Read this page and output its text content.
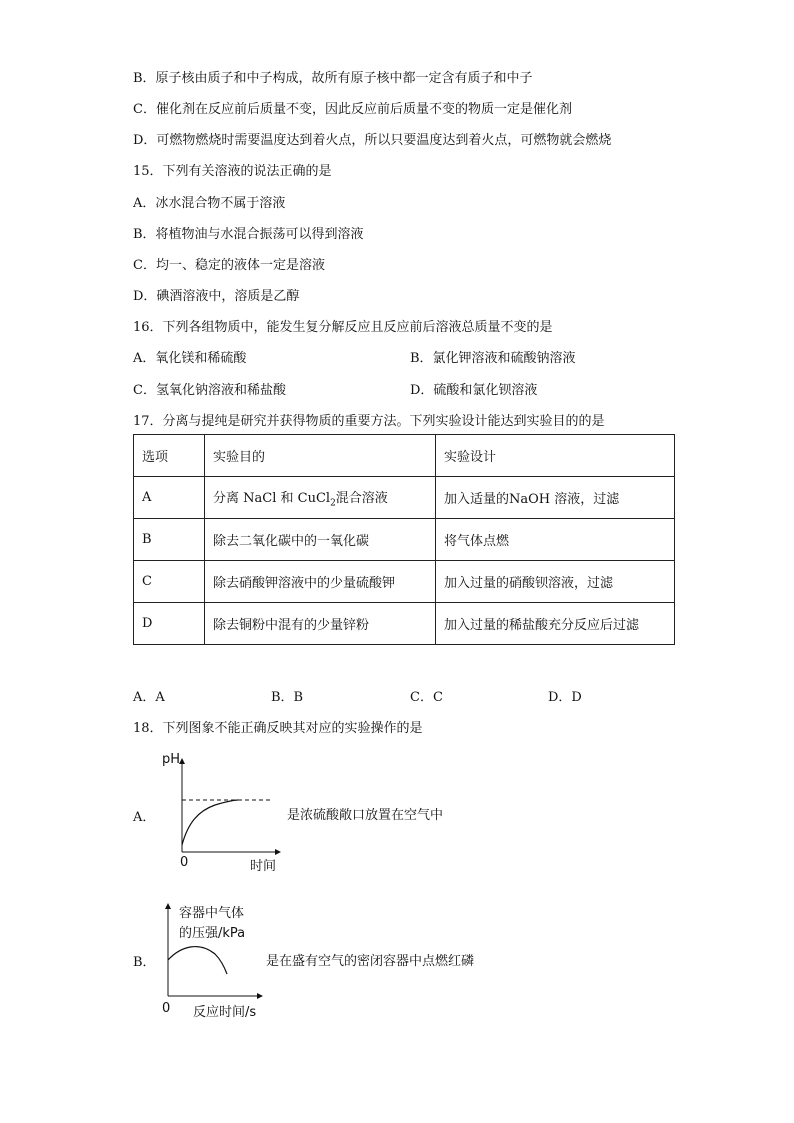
B．原子核由质子和中子构成，故所有原子核中都一定含有质子和中子
C．催化剂在反应前后质量不变，因此反应前后质量不变的物质一定是催化剂
D．可燃物燃烧时需要温度达到着火点，所以只要温度达到着火点，可燃物就会燃烧
15．下列有关溶液的说法正确的是
A．冰水混合物不属于溶液
B．将植物油与水混合振荡可以得到溶液
C．均一、稳定的液体一定是溶液
D．碘酒溶液中，溶质是乙醇
16．下列各组物质中，能发生复分解反应且反应前后溶液总质量不变的是
A．氧化镁和稀硫酸	B．氯化钾溶液和硫酸钠溶液
C．氢氧化钠溶液和稀盐酸	D．硫酸和氯化钡溶液
17．分离与提纯是研究并获得物质的重要方法。下列实验设计能达到实验目的的是
选项	实验目的	实验设计
A	分离 NaCl 和 CuCl$_2$混合溶液	加入适量的NaOH 溶液，过滤
B	除去二氧化碳中的一氧化碳	将气体点燃
C	除去硝酸钾溶液中的少量硫酸钾	加入过量的硝酸钡溶液，过滤
D	除去铜粉中混有的少量锌粉	加入过量的稀盐酸充分反应后过滤
A．A	B．B	C．C	D．D
18．下列图象不能正确反映其对应的实验操作的是
A．
pH
0	时间
是浓硫酸敞口放置在空气中
B．
容器中气体
的压强/kPa
0 反应时间/s
是在盛有空气的密闭容器中点燃红磷
